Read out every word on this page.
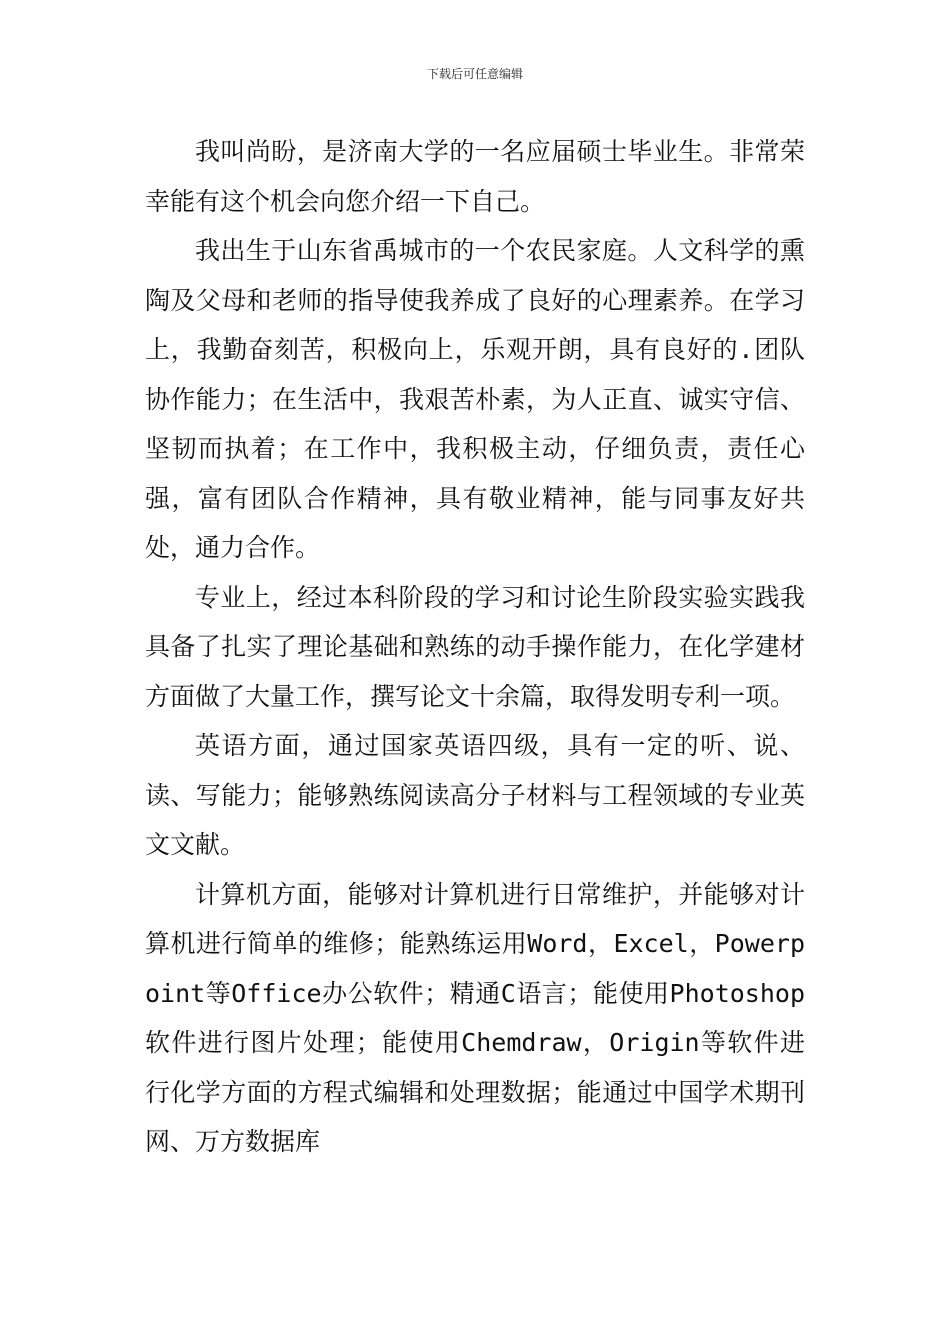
下载后可任意编辑

我叫尚盼，是济南大学的一名应届硕士毕业生。非常荣幸能有这个机会向您介绍一下自己。

我出生于山东省禹城市的一个农民家庭。人文科学的熏陶及父母和老师的指导使我养成了良好的心理素养。在学习上，我勤奋刻苦，积极向上，乐观开朗，具有良好的.团队协作能力；在生活中，我艰苦朴素，为人正直、诚实守信、坚韧而执着；在工作中，我积极主动，仔细负责，责任心强，富有团队合作精神，具有敬业精神，能与同事友好共处，通力合作。

专业上，经过本科阶段的学习和讨论生阶段实验实践我具备了扎实了理论基础和熟练的动手操作能力，在化学建材方面做了大量工作，撰写论文十余篇，取得发明专利一项。

英语方面，通过国家英语四级，具有一定的听、说、读、写能力；能够熟练阅读高分子材料与工程领域的专业英文文献。

计算机方面，能够对计算机进行日常维护，并能够对计算机进行简单的维修；能熟练运用Word，Excel，Powerpoint等Office办公软件；精通C语言；能使用Photoshop软件进行图片处理；能使用Chemdraw，Origin等软件进行化学方面的方程式编辑和处理数据；能通过中国学术期刊网、万方数据库
